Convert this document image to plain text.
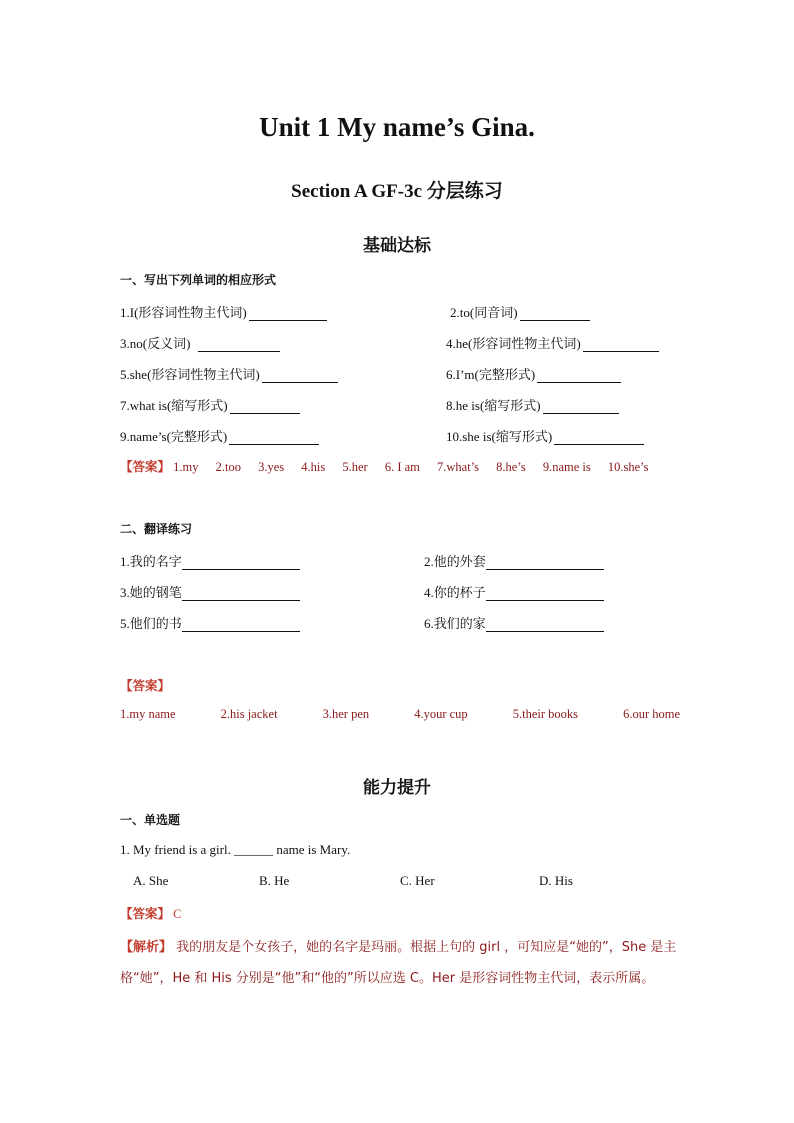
Unit 1 My name’s Gina.
Section A GF-3c 分层练习
基础达标
一、写出下列单词的相应形式
1.I(形容词性物主代词)	2.to(同音词)
3.no(反义词)	4.he(形容词性物主代词)
5.she(形容词性物主代词)	6.I’m(完整形式)
7.what is(缩写形式)	8.he is(缩写形式)
9.name’s(完整形式)	10.she is(缩写形式)
【答案】 1.my 2.too 3.yes 4.his 5.her 6. I am 7.what’s 8.he’s 9.name is 10.she’s
二、翻译练习
1.我的名字	2.他的外套
3.她的钢笔	4.你的杯子
5.他们的书	6.我们的家
【答案】
1.my name	2.his jacket	3.her pen	4.your cup	5.their books	6.our home
能力提升
一、单选题
1. My friend is a girl. ______ name is Mary.
A. She	B. He	C. Her	D. His
【答案】 C
【解析】 我的朋友是个女孩子，她的名字是玛丽。根据上句的 girl ，可知应是“她的”，She 是主格“她”，He 和 His 分别是“他”和“他的”所以应选 C。Her 是形容词性物主代词，表示所属。
